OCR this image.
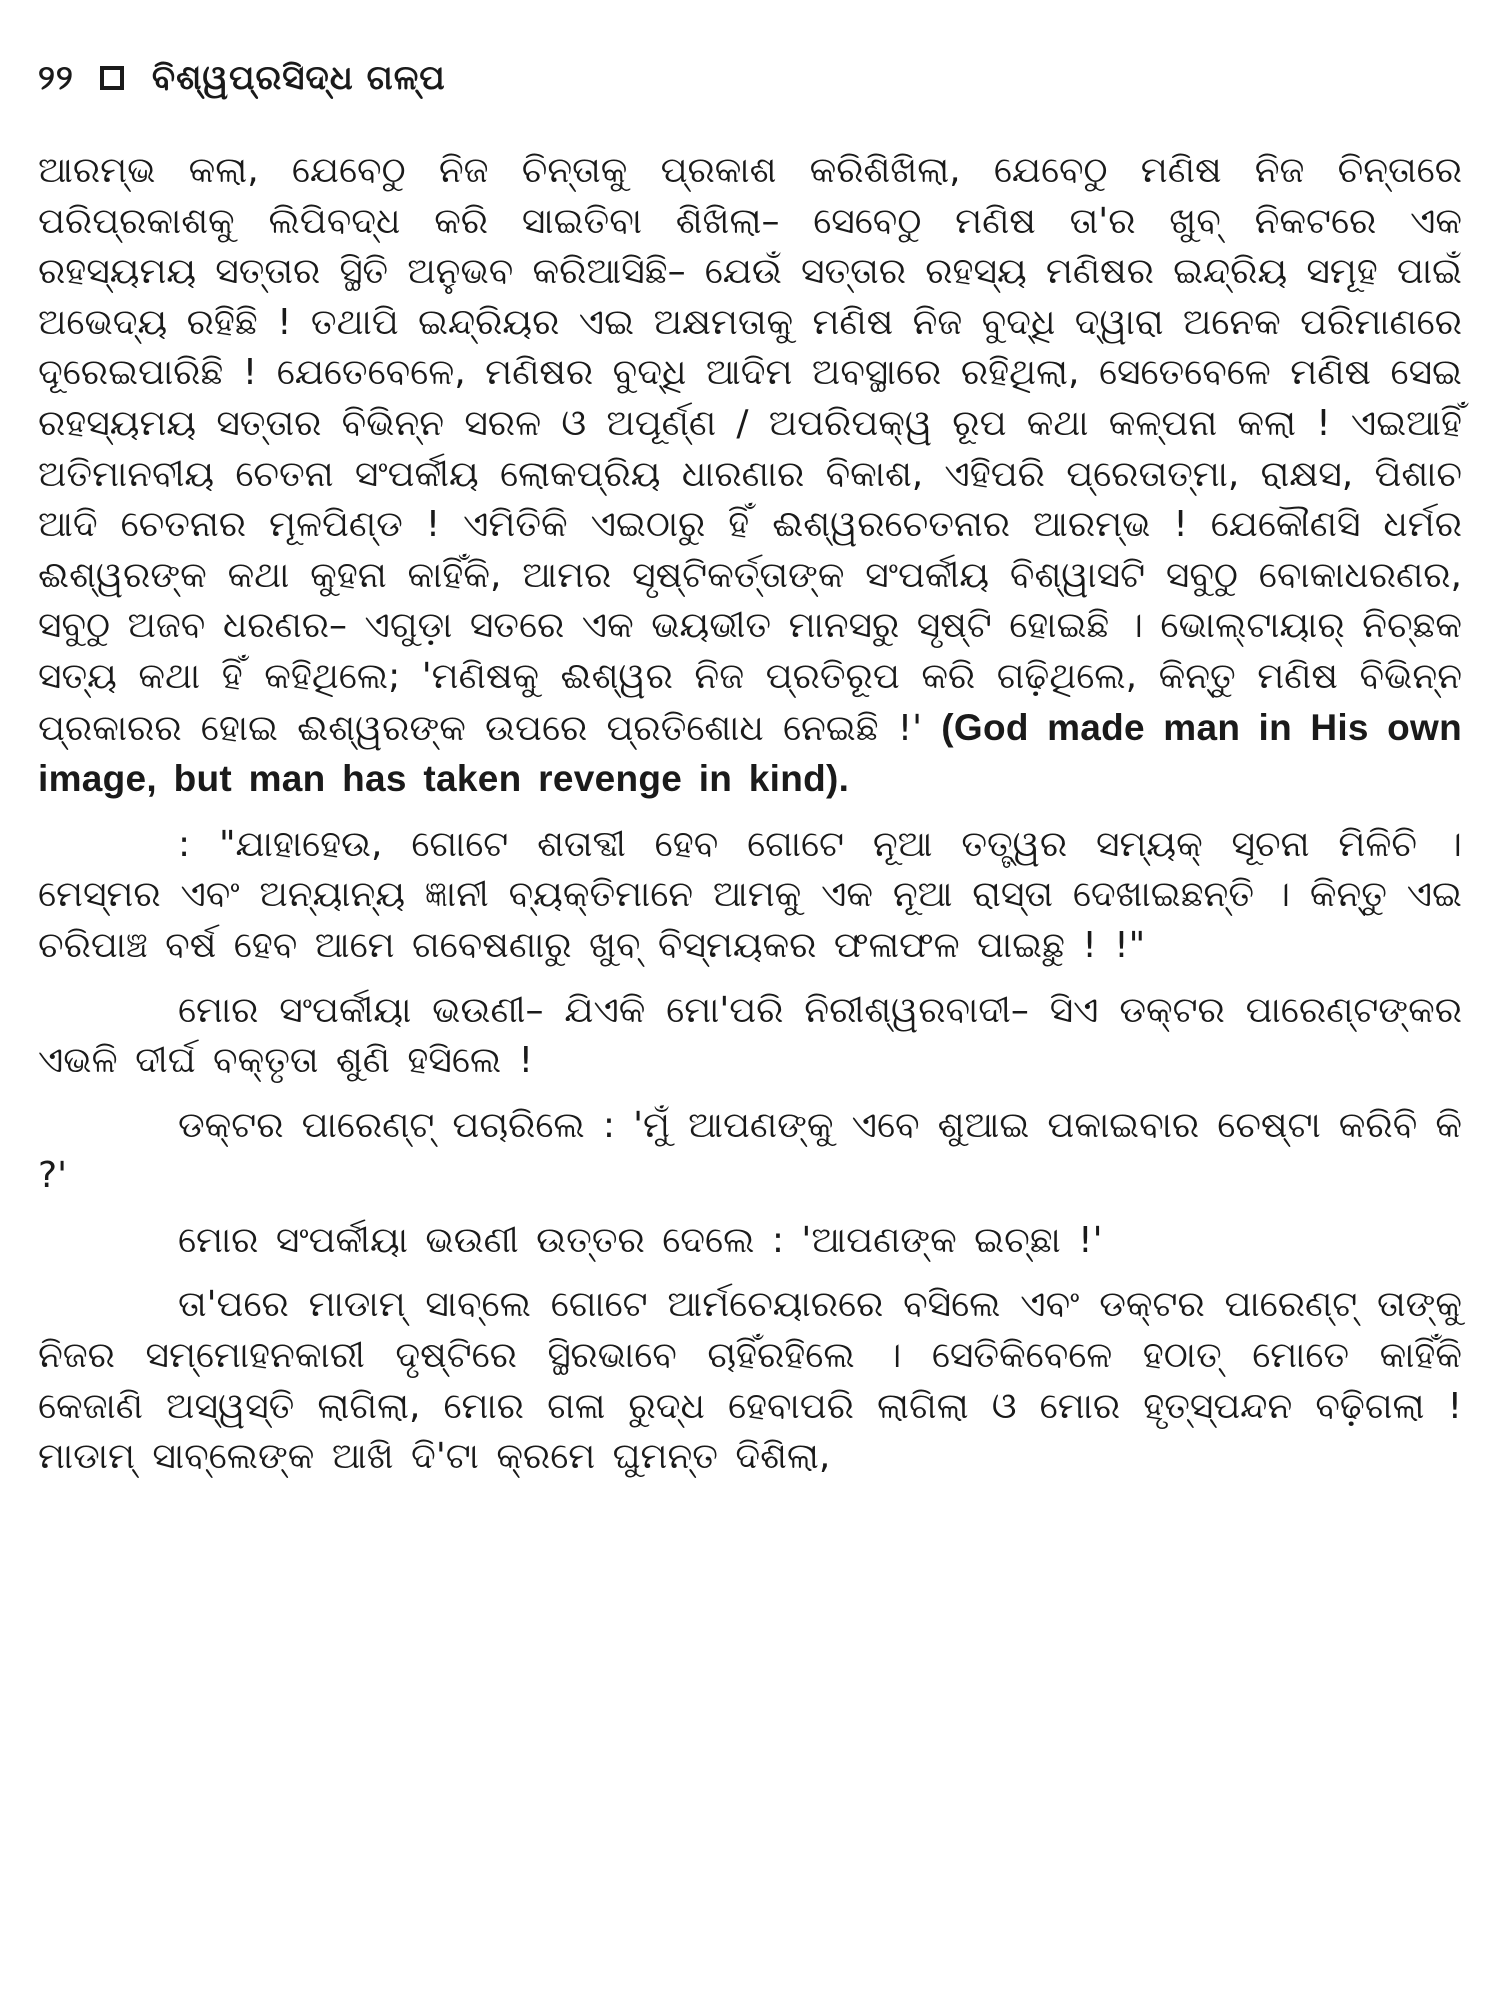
୨୨ ବିଶ୍ୱପ୍ରସିଦ୍ଧ ଗଳ୍ପ

ଆରମ୍ଭ କଲା, ଯେବେଠୁ ନିଜ ଚିନ୍ତାକୁ ପ୍ରକାଶ କରିଶିଖିଲା, ଯେବେଠୁ ମଣିଷ ନିଜ ଚିନ୍ତାରେ ପରିପ୍ରକାଶକୁ ଲିପିବଦ୍ଧ କରି ସାଇତିବା ଶିଖିଲା– ସେବେଠୁ ମଣିଷ ତା'ର ଖୁବ୍ ନିକଟରେ ଏକ ରହସ୍ୟମୟ ସତ୍ତାର ସ୍ଥିତି ଅନୁଭବ କରିଆସିଛି– ଯେଉଁ ସତ୍ତାର ରହସ୍ୟ ମଣିଷର ଇନ୍ଦ୍ରିୟ ସମୂହ ପାଇଁ ଅଭେଦ୍ୟ ରହିଛି ! ତଥାପି ଇନ୍ଦ୍ରିୟର ଏଇ ଅକ୍ଷମତାକୁ ମଣିଷ ନିଜ ବୁଦ୍ଧି ଦ୍ୱାରା ଅନେକ ପରିମାଣରେ ଦୂରେଇପାରିଛି ! ଯେତେବେଳେ, ମଣିଷର ବୁଦ୍ଧି ଆଦିମ ଅବସ୍ଥାରେ ରହିଥିଲା, ସେତେବେଳେ ମଣିଷ ସେଇ ରହସ୍ୟମୟ ସତ୍ତାର ବିଭିନ୍ନ ସରଳ ଓ ଅପୂର୍ଣ୍ଣ / ଅପରିପକ୍ୱ ରୂପ କଥା କଳ୍ପନା କଲା ! ଏଇଆହିଁ ଅତିମାନବୀୟ ଚେତନା ସଂପର୍କୀୟ ଲୋକପ୍ରିୟ ଧାରଣାର ବିକାଶ, ଏହିପରି ପ୍ରେତାତ୍ମା, ରାକ୍ଷସ, ପିଶାଚ ଆଦି ଚେତନାର ମୂଳପିଣ୍ଡ ! ଏମିତିକି ଏଇଠାରୁ ହିଁ ଈଶ୍ୱରଚେତନାର ଆରମ୍ଭ ! ଯେକୌଣସି ଧର୍ମର ଈଶ୍ୱରଙ୍କ କଥା କୁହନା କାହିଁକି, ଆମର ସୃଷ୍ଟିକର୍ତ୍ତାଙ୍କ ସଂପର୍କୀୟ ବିଶ୍ୱାସଟି ସବୁଠୁ ବୋକାଧରଣର, ସବୁଠୁ ଅଜବ ଧରଣର– ଏଗୁଡ଼ା ସତରେ ଏକ ଭୟଭୀତ ମାନସରୁ ସୃଷ୍ଟି ହୋଇଛି । ଭୋଲ୍‌ଟାୟାର୍ ନିଚ୍ଛକ ସତ୍ୟ କଥା ହିଁ କହିଥିଲେ; 'ମଣିଷକୁ ଈଶ୍ୱର ନିଜ ପ୍ରତିରୂପ କରି ଗଢ଼ିଥିଲେ, କିନ୍ତୁ ମଣିଷ ବିଭିନ୍ନ ପ୍ରକାରର ହୋଇ ଈଶ୍ୱରଙ୍କ ଉପରେ ପ୍ରତିଶୋଧ ନେଇଛି !' (God made man in His own image, but man has taken revenge in kind).

: "ଯାହାହେଉ, ଗୋଟେ ଶତାବ୍ଦୀ ହେବ ଗୋଟେ ନୂଆ ତତ୍ତ୍ୱର ସମ୍ୟକ୍ ସୂଚନା ମିଳିଚି । ମେସ୍‌ମର ଏବଂ ଅନ୍ୟାନ୍ୟ ଜ୍ଞାନୀ ବ୍ୟକ୍ତିମାନେ ଆମକୁ ଏକ ନୂଆ ରାସ୍ତା ଦେଖାଇଛନ୍ତି । କିନ୍ତୁ ଏଇ ଚରିପାଞ୍ଚ ବର୍ଷ ହେବ ଆମେ ଗବେଷଣାରୁ ଖୁବ୍ ବିସ୍ମୟକର ଫଳାଫଳ ପାଇଛୁ ! !"

ମୋର ସଂପର୍କୀୟା ଭଉଣୀ– ଯିଏକି ମୋ'ପରି ନିରୀଶ୍ୱରବାଦୀ– ସିଏ ଡକ୍ଟର ପାରେଣ୍ଟଙ୍କର ଏଭଳି ଦୀର୍ଘ ବକ୍ତୃତା ଶୁଣି ହସିଲେ !

ଡକ୍ଟର ପାରେଣ୍ଟ୍ ପଚାରିଲେ : 'ମୁଁ ଆପଣଙ୍କୁ ଏବେ ଶୁଆଇ ପକାଇବାର ଚେଷ୍ଟା କରିବି କି ?'

ମୋର ସଂପର୍କୀୟା ଭଉଣୀ ଉତ୍ତର ଦେଲେ : 'ଆପଣଙ୍କ ଇଚ୍ଛା !'

ତା'ପରେ ମାଡାମ୍ ସାବ୍‌ଲେ ଗୋଟେ ଆର୍ମଚେୟାରରେ ବସିଲେ ଏବଂ ଡକ୍ଟର ପାରେଣ୍ଟ୍ ତାଙ୍କୁ ନିଜର ସମ୍ମୋହନକାରୀ ଦୃଷ୍ଟିରେ ସ୍ଥିରଭାବେ ଚାହିଁରହିଲେ । ସେତିକିବେଳେ ହଠାତ୍ ମୋତେ କାହିଁକି କେଜାଣି ଅସ୍ୱସ୍ତି ଲାଗିଲା, ମୋର ଗଳା ରୁଦ୍ଧ ହେବାପରି ଲାଗିଲା ଓ ମୋର ହୃତ୍‌ସ୍ପନ୍ଦନ ବଢ଼ିଗଲା ! ମାଡାମ୍ ସାବ୍‌ଲେଙ୍କ ଆଖି ଦି'ଟା କ୍ରମେ ଘୁମନ୍ତ ଦିଶିଲା,
